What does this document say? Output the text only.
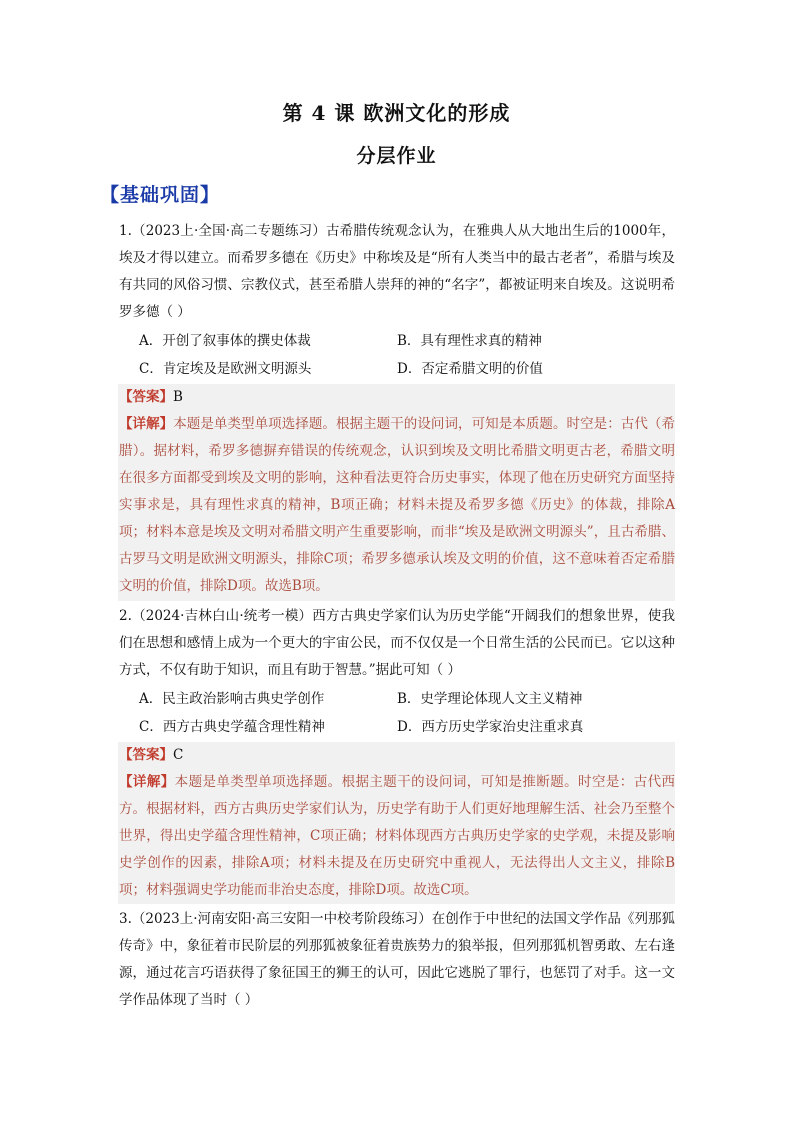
第 4 课 欧洲文化的形成
分层作业
【基础巩固】
1.（2023上·全国·高二专题练习）古希腊传统观念认为，在雅典人从大地出生后的1000年，埃及才得以建立。而希罗多德在《历史》中称埃及是“所有人类当中的最古老者”，希腊与埃及有共同的风俗习惯、宗教仪式，甚至希腊人崇拜的神的“名字”，都被证明来自埃及。这说明希罗多德（ ）
A．开创了叙事体的撰史体裁	B．具有理性求真的精神
C．肯定埃及是欧洲文明源头	D．否定希腊文明的价值
【答案】B
【详解】本题是单类型单项选择题。根据主题干的设问词，可知是本质题。时空是：古代（希腊）。据材料，希罗多德摒弃错误的传统观念，认识到埃及文明比希腊文明更古老，希腊文明在很多方面都受到埃及文明的影响，这种看法更符合历史事实，体现了他在历史研究方面坚持实事求是，具有理性求真的精神，B项正确；材料未提及希罗多德《历史》的体裁，排除A项；材料本意是埃及文明对希腊文明产生重要影响，而非“埃及是欧洲文明源头”，且古希腊、古罗马文明是欧洲文明源头，排除C项；希罗多德承认埃及文明的价值，这不意味着否定希腊文明的价值，排除D项。故选B项。
2.（2024·吉林白山·统考一模）西方古典史学家们认为历史学能“开阔我们的想象世界，使我们在思想和感情上成为一个更大的宇宙公民，而不仅仅是一个日常生活的公民而已。它以这种方式，不仅有助于知识，而且有助于智慧。”据此可知（ ）
A．民主政治影响古典史学创作	B．史学理论体现人文主义精神
C．西方古典史学蕴含理性精神	D．西方历史学家治史注重求真
【答案】C
【详解】本题是单类型单项选择题。根据主题干的设问词，可知是推断题。时空是：古代西方。根据材料，西方古典历史学家们认为，历史学有助于人们更好地理解生活、社会乃至整个世界，得出史学蕴含理性精神，C项正确；材料体现西方古典历史学家的史学观，未提及影响史学创作的因素，排除A项；材料未提及在历史研究中重视人，无法得出人文主义，排除B项；材料强调史学功能而非治史态度，排除D项。故选C项。
3.（2023上·河南安阳·高三安阳一中校考阶段练习）在创作于中世纪的法国文学作品《列那狐传奇》中，象征着市民阶层的列那狐被象征着贵族势力的狼举报，但列那狐机智勇敢、左右逢源，通过花言巧语获得了象征国王的狮王的认可，因此它逃脱了罪行，也惩罚了对手。这一文学作品体现了当时（ ）
